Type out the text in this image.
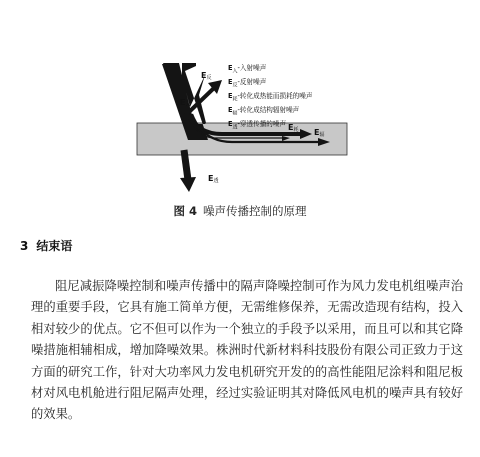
$E_入$
$E_反$
$E_耗$ $E_辐$
$E_透$
$E_入-$入射噪声
$E_反-$反射噪声
$E_耗-$转化成热能而损耗的噪声
$E_辐-$转化成结构辐射噪声
$E_透-$穿透传播的噪声
图 4 噪声传播控制的原理
3 结束语
阻尼减振降噪控制和噪声传播中的隔声降噪控制可作为风力发电机组噪声治
理的重要手段，它具有施工简单方便，无需维修保养，无需改造现有结构，投入
相对较少的优点。它不但可以作为一个独立的手段予以采用，而且可以和其它降
噪措施相辅相成，增加降噪效果。株洲时代新材料科技股份有限公司正致力于这
方面的研究工作，针对大功率风力发电机研究开发的的高性能阻尼涂料和阻尼板
材对风电机舱进行阻尼隔声处理，经过实验证明其对降低风电机的噪声具有较好
的效果。
